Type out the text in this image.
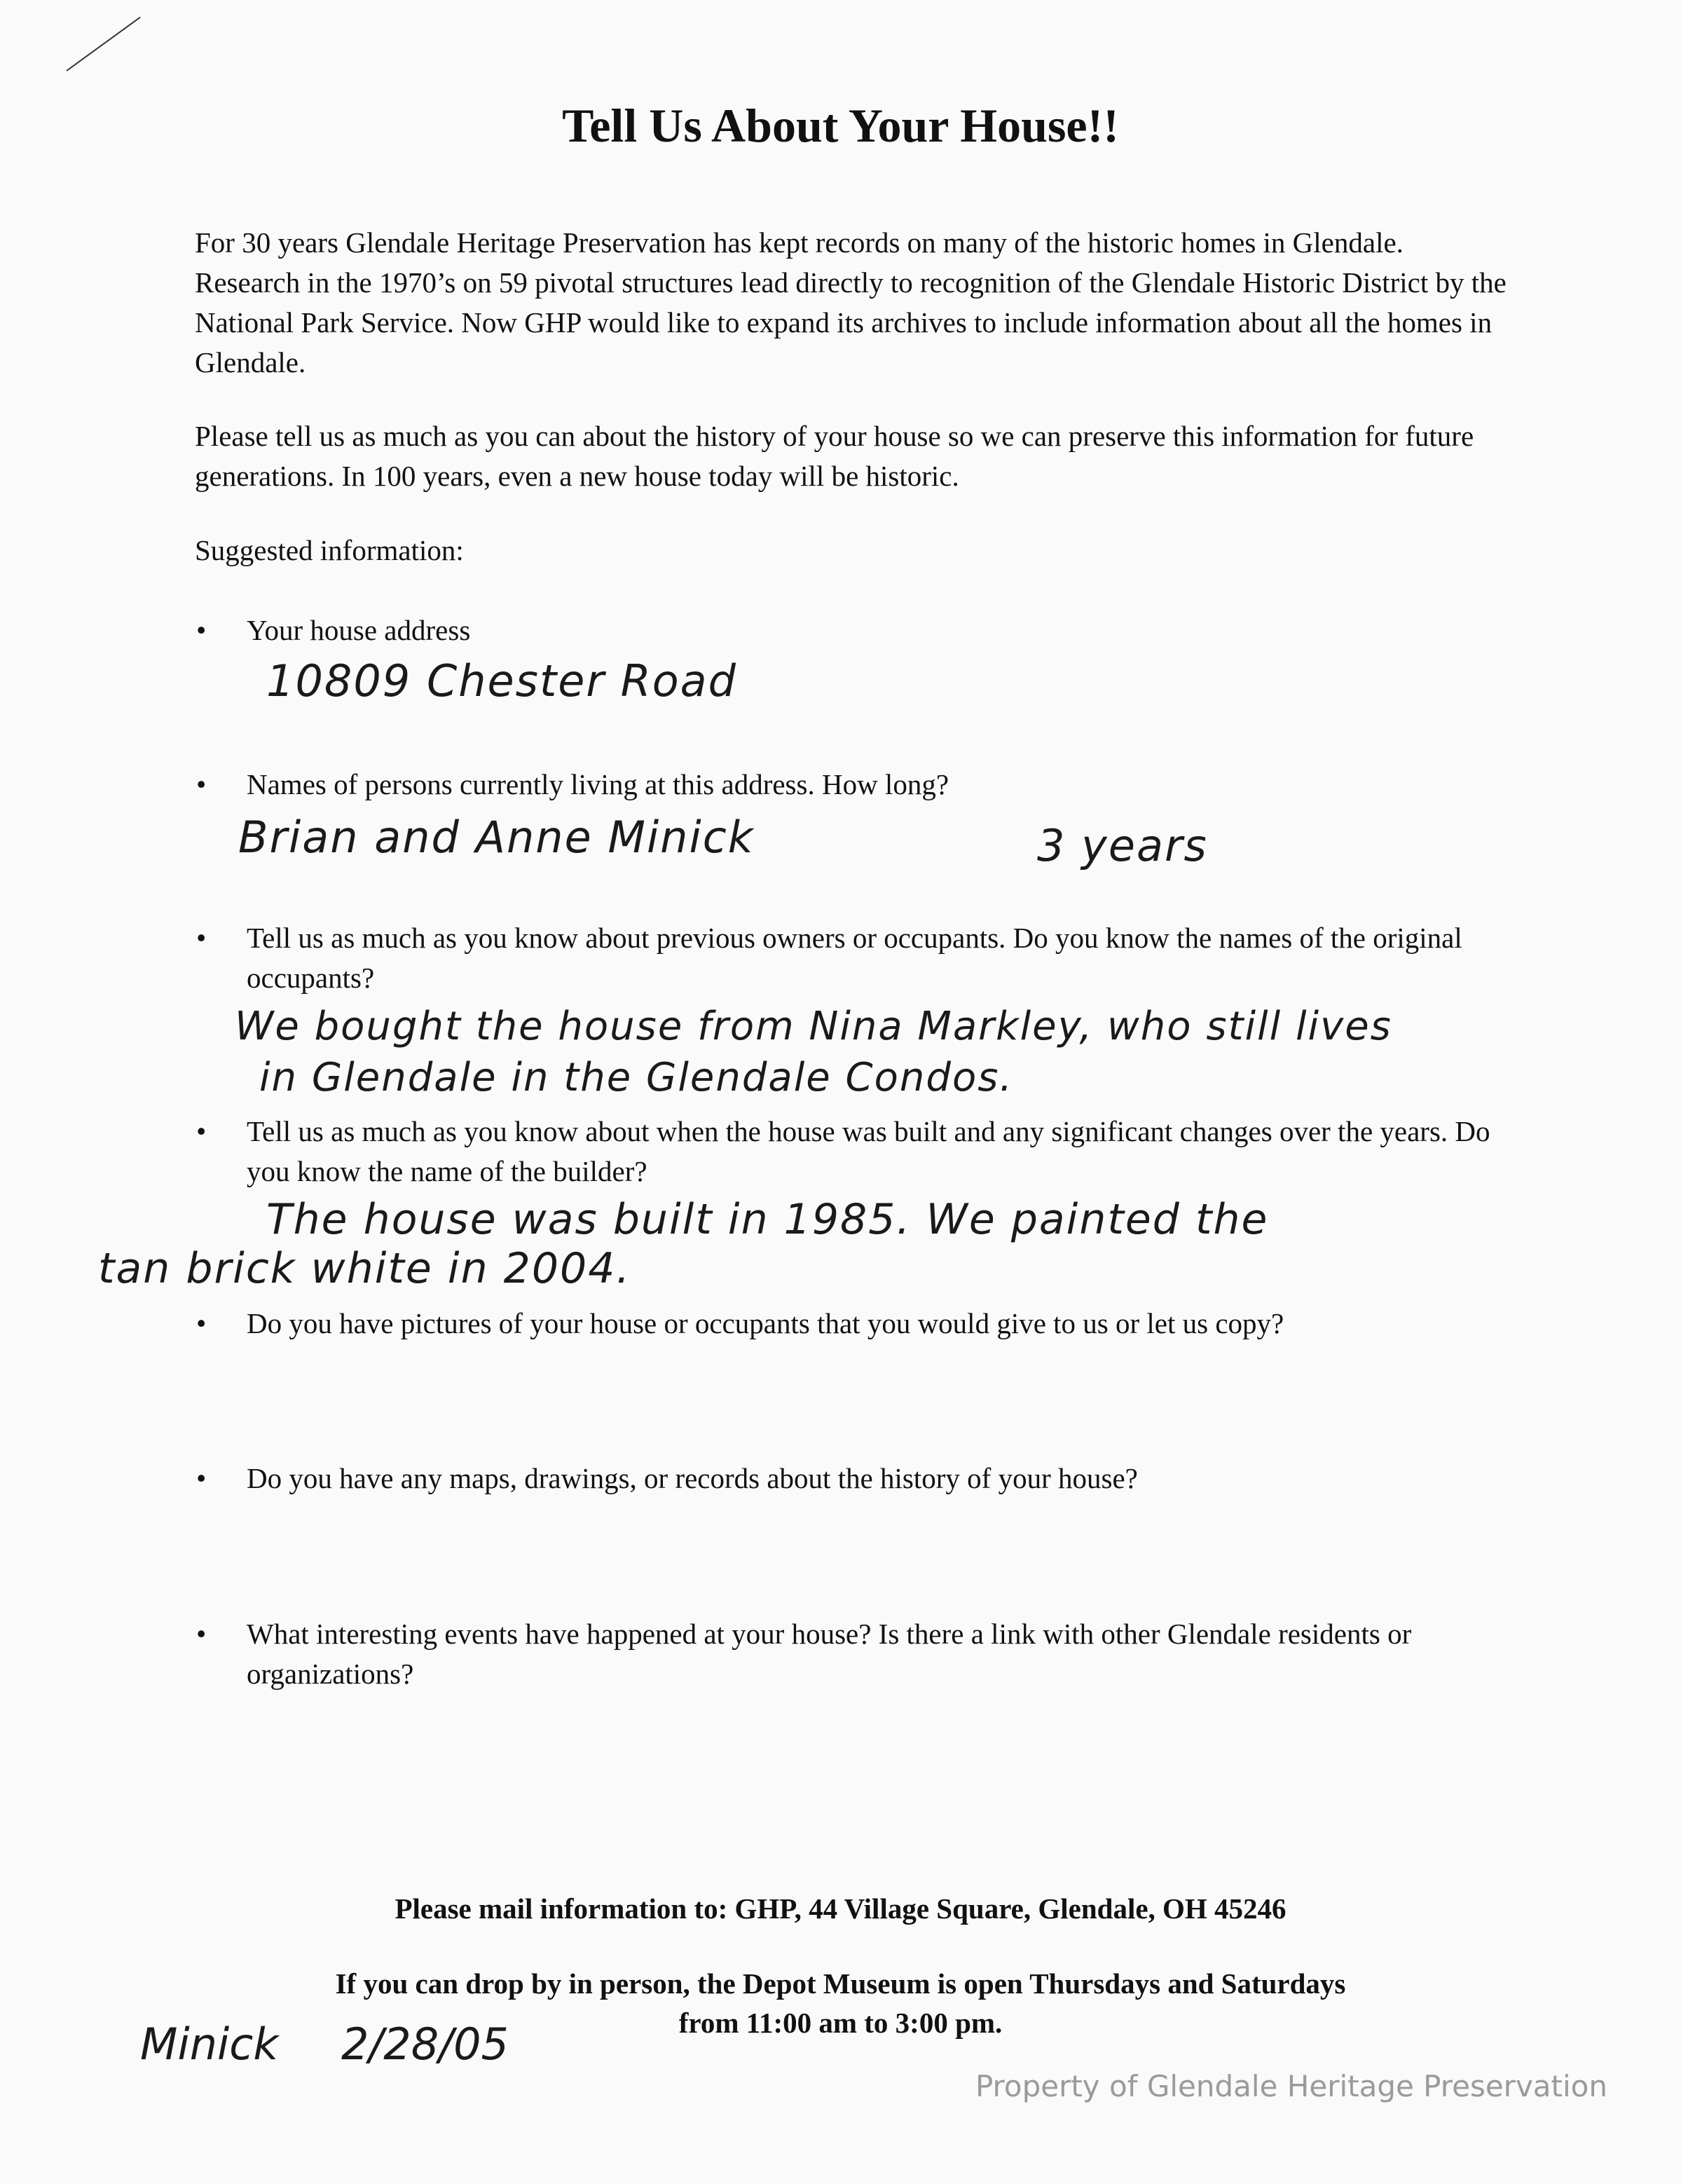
Tell Us About Your House!!

For 30 years Glendale Heritage Preservation has kept records on many of the historic homes in Glendale. Research in the 1970’s on 59 pivotal structures lead directly to recognition of the Glendale Historic District by the National Park Service. Now GHP would like to expand its archives to include information about all the homes in Glendale.

Please tell us as much as you can about the history of your house so we can preserve this information for future generations. In 100 years, even a new house today will be historic.

Suggested information:

•	Your house address
10809 Chester Road
•	Names of persons currently living at this address. How long?
Brian and Anne Minick	3 years
•	Tell us as much as you know about previous owners or occupants. Do you know the names of the original occupants?
We bought the house from Nina Markley, who still lives
in Glendale in the Glendale Condos.
•	Tell us as much as you know about when the house was built and any significant changes over the years. Do you know the name of the builder?
The house was built in 1985. We painted the
tan brick white in 2004.
•	Do you have pictures of your house or occupants that you would give to us or let us copy?
•	Do you have any maps, drawings, or records about the history of your house?
•	What interesting events have happened at your house? Is there a link with other Glendale residents or organizations?
Please mail information to: GHP, 44 Village Square, Glendale, OH 45246
If you can drop by in person, the Depot Museum is open Thursdays and Saturdays from 11:00 am to 3:00 pm.
Minick 2/28/05
Property of Glendale Heritage Preservation
